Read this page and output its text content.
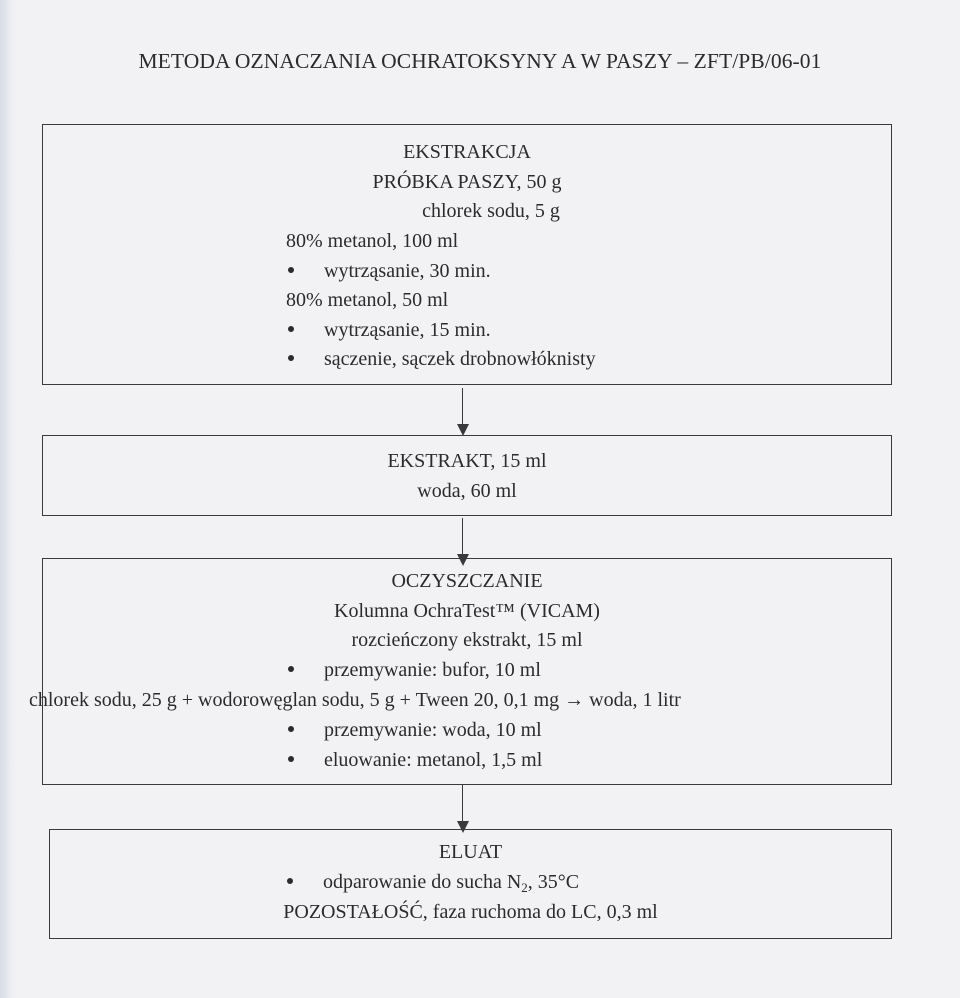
METODA OZNACZANIA OCHRATOKSYNY A W PASZY – ZFT/PB/06-01
EKSTRAKCJA
PRÓBKA PASZY, 50 g
chlorek sodu, 5 g
80% metanol, 100 ml
wytrząsanie, 30 min.
80% metanol, 50 ml
wytrząsanie, 15 min.
sączenie, sączek drobnowłóknisty
EKSTRAKT, 15 ml
woda, 60 ml
OCZYSZCZANIE
Kolumna OchraTest™ (VICAM)
rozcieńczony ekstrakt, 15 ml
przemywanie: bufor, 10 ml
chlorek sodu, 25 g + wodorowęglan sodu, 5 g + Tween 20, 0,1 mg → woda, 1 litr
przemywanie: woda, 10 ml
eluowanie: metanol, 1,5 ml
ELUAT
odparowanie do sucha $N_2$, 35°C
POZOSTAŁOŚĆ, faza ruchoma do LC, 0,3 ml
